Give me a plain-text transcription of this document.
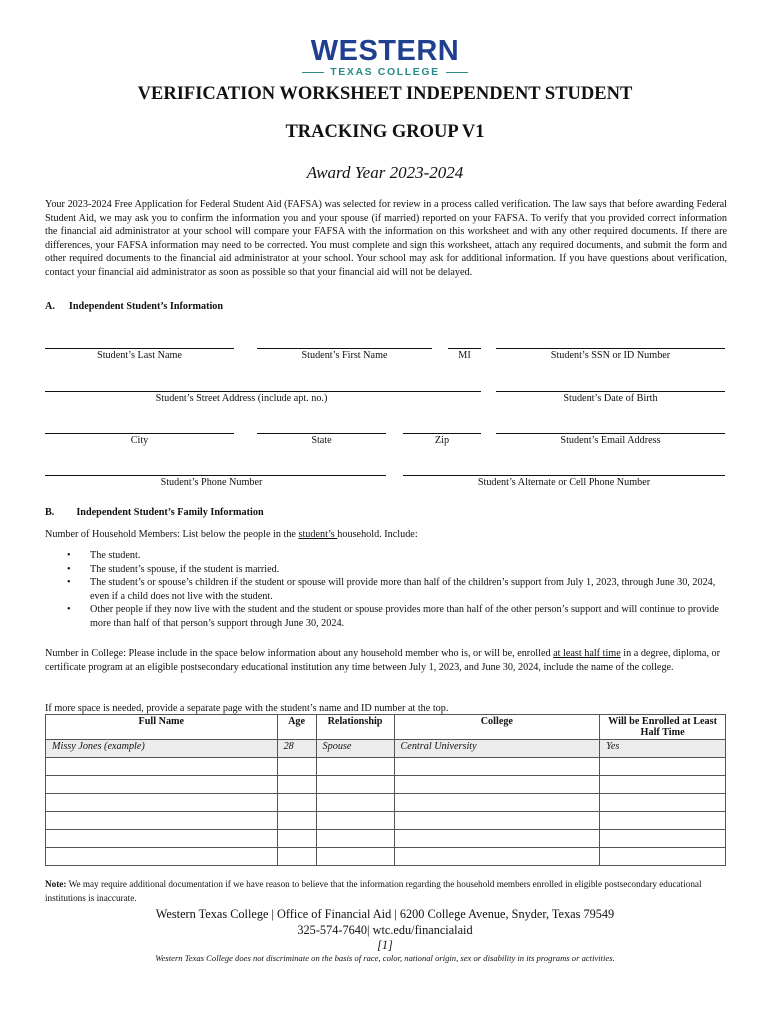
WESTERN
TEXAS COLLEGE
VERIFICATION WORKSHEET INDEPENDENT STUDENT
TRACKING GROUP V1
Award Year 2023-2024
Your 2023-2024 Free Application for Federal Student Aid (FAFSA) was selected for review in a process called verification. The law says that before awarding Federal Student Aid, we may ask you to confirm the information you and your spouse (if married) reported on your FAFSA. To verify that you provided correct information the financial aid administrator at your school will compare your FAFSA with the information on this worksheet and with any other required documents. If there are differences, your FAFSA information may need to be corrected. You must complete and sign this worksheet, attach any required documents, and submit the form and other required documents to the financial aid administrator at your school. Your school may ask for additional information. If you have questions about verification, contact your financial aid administrator as soon as possible so that your financial aid will not be delayed.
A. Independent Student’s Information
Student’s Last Name	Student’s First Name	MI	Student’s SSN or ID Number
Student’s Street Address (include apt. no.)	Student’s Date of Birth
City	State	Zip	Student’s Email Address
Student’s Phone Number	Student’s Alternate or Cell Phone Number
B. Independent Student’s Family Information
Number of Household Members: List below the people in the student’s household. Include:
• The student.
• The student’s spouse, if the student is married.
• The student’s or spouse’s children if the student or spouse will provide more than half of the children’s support from July 1, 2023, through June 30, 2024, even if a child does not live with the student.
• Other people if they now live with the student and the student or spouse provides more than half of the other person’s support and will continue to provide more than half of that person’s support through June 30, 2024.
Number in College: Please include in the space below information about any household member who is, or will be, enrolled at least half time in a degree, diploma, or certificate program at an eligible postsecondary educational institution any time between July 1, 2023, and June 30, 2024, include the name of the college.
If more space is needed, provide a separate page with the student’s name and ID number at the top.
Full Name	Age	Relationship	College	Will be Enrolled at Least Half Time
Missy Jones (example)	28	Spouse	Central University	Yes

Note: We may require additional documentation if we have reason to believe that the information regarding the household members enrolled in eligible postsecondary educational institutions is inaccurate.
Western Texas College | Office of Financial Aid | 6200 College Avenue, Snyder, Texas 79549
325-574-7640| wtc.edu/financialaid
[1]
Western Texas College does not discriminate on the basis of race, color, national origin, sex or disability in its programs or activities.
